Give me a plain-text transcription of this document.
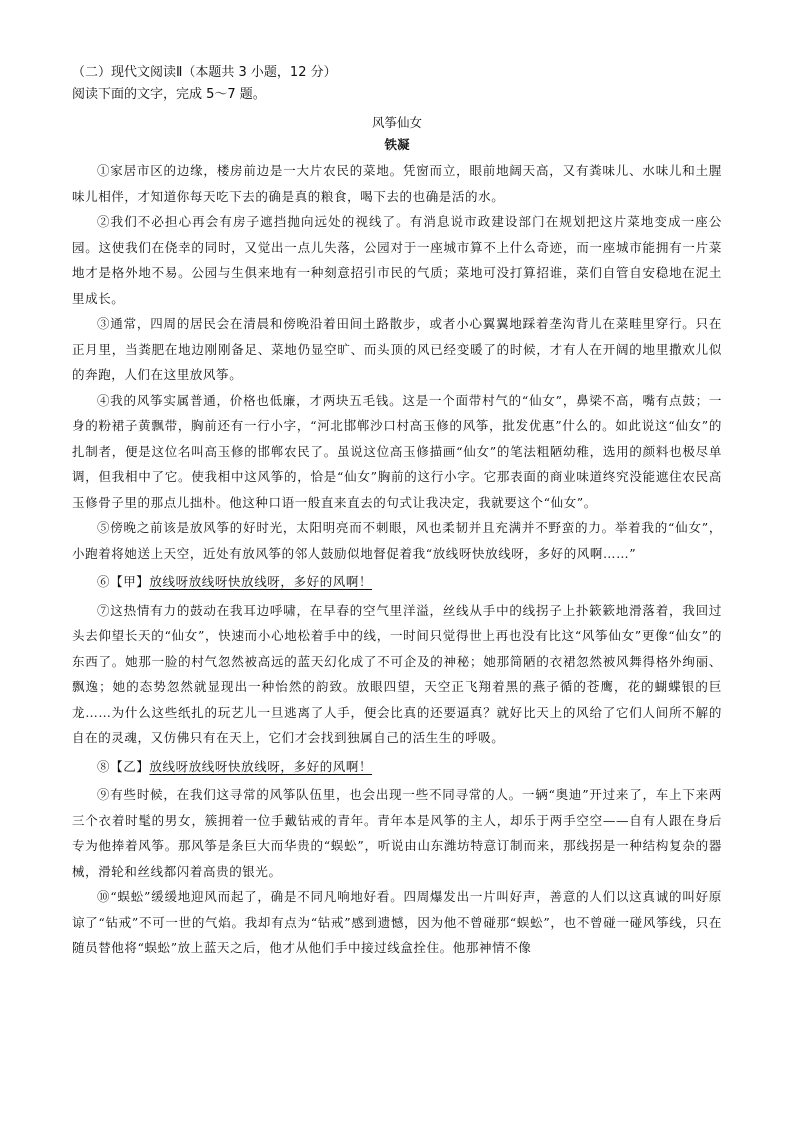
（二）现代文阅读Ⅱ（本题共 3 小题，12 分）

阅读下面的文字，完成 5～7 题。

风筝仙女

铁凝

①家居市区的边缘，楼房前边是一大片农民的菜地。凭窗而立，眼前地阔天高，又有粪味儿、水味儿和土腥味儿相伴，才知道你每天吃下去的确是真的粮食，喝下去的也确是活的水。

②我们不必担心再会有房子遮挡抛向远处的视线了。有消息说市政建设部门在规划把这片菜地变成一座公园。这使我们在侥幸的同时，又觉出一点儿失落，公园对于一座城市算不上什么奇迹，而一座城市能拥有一片菜地才是格外地不易。公园与生俱来地有一种刻意招引市民的气质；菜地可没打算招谁，菜们自管自安稳地在泥土里成长。

③通常，四周的居民会在清晨和傍晚沿着田间土路散步，或者小心翼翼地踩着垄沟背儿在菜畦里穿行。只在正月里，当粪肥在地边刚刚备足、菜地仍显空旷、而头顶的风已经变暖了的时候，才有人在开阔的地里撒欢儿似的奔跑，人们在这里放风筝。

④我的风筝实属普通，价格也低廉，才两块五毛钱。这是一个面带村气的“仙女”，鼻梁不高，嘴有点鼓；一身的粉裙子黄飘带，胸前还有一行小字，“河北邯郸沙口村高玉修的风筝，批发优惠”什么的。如此说这“仙女”的扎制者，便是这位名叫高玉修的邯郸农民了。虽说这位高玉修描画“仙女”的笔法粗陋幼稚，选用的颜料也极尽单调，但我相中了它。使我相中这风筝的，恰是“仙女”胸前的这行小字。它那表面的商业味道终究没能遮住农民高玉修骨子里的那点儿拙朴。他这种口语一般直来直去的句式让我决定，我就要这个“仙女”。

⑤傍晚之前该是放风筝的好时光，太阳明亮而不刺眼，风也柔韧并且充满并不野蛮的力。举着我的“仙女”，小跑着将她送上天空，近处有放风筝的邻人鼓励似地督促着我“放线呀快放线呀，多好的风啊……”

⑥【甲】放线呀放线呀快放线呀，多好的风啊！

⑦这热情有力的鼓动在我耳边呼啸，在早春的空气里洋溢，丝线从手中的线拐子上扑簌簌地滑落着，我回过头去仰望长天的“仙女”，快速而小心地松着手中的线，一时间只觉得世上再也没有比这“风筝仙女”更像“仙女”的东西了。她那一脸的村气忽然被高远的蓝天幻化成了不可企及的神秘；她那简陋的衣裙忽然被风舞得格外绚丽、飘逸；她的态势忽然就显现出一种怡然的韵致。放眼四望，天空正飞翔着黑的燕子循的苍鹰，花的蝴蝶银的巨龙……为什么这些纸扎的玩艺儿一旦逃离了人手，便会比真的还要逼真？就好比天上的风给了它们人间所不解的自在的灵魂，又仿佛只有在天上，它们才会找到独属自己的活生生的呼吸。

⑧【乙】放线呀放线呀快放线呀，多好的风啊！

⑨有些时候，在我们这寻常的风筝队伍里，也会出现一些不同寻常的人。一辆“奥迪”开过来了，车上下来两三个衣着时髦的男女，簇拥着一位手戴钻戒的青年。青年本是风筝的主人，却乐于两手空空——自有人跟在身后专为他捧着风筝。那风筝是条巨大而华贵的“蜈蚣”，听说由山东潍坊特意订制而来，那线拐是一种结构复杂的器械，滑轮和丝线都闪着高贵的银光。

⑩“蜈蚣”缓缓地迎风而起了，确是不同凡响地好看。四周爆发出一片叫好声，善意的人们以这真诚的叫好原谅了“钻戒”不可一世的气焰。我却有点为“钻戒”感到遗憾，因为他不曾碰那“蜈蚣”，也不曾碰一碰风筝线，只在随员替他将“蜈蚣”放上蓝天之后，他才从他们手中接过线盒拴住。他那神情不像
